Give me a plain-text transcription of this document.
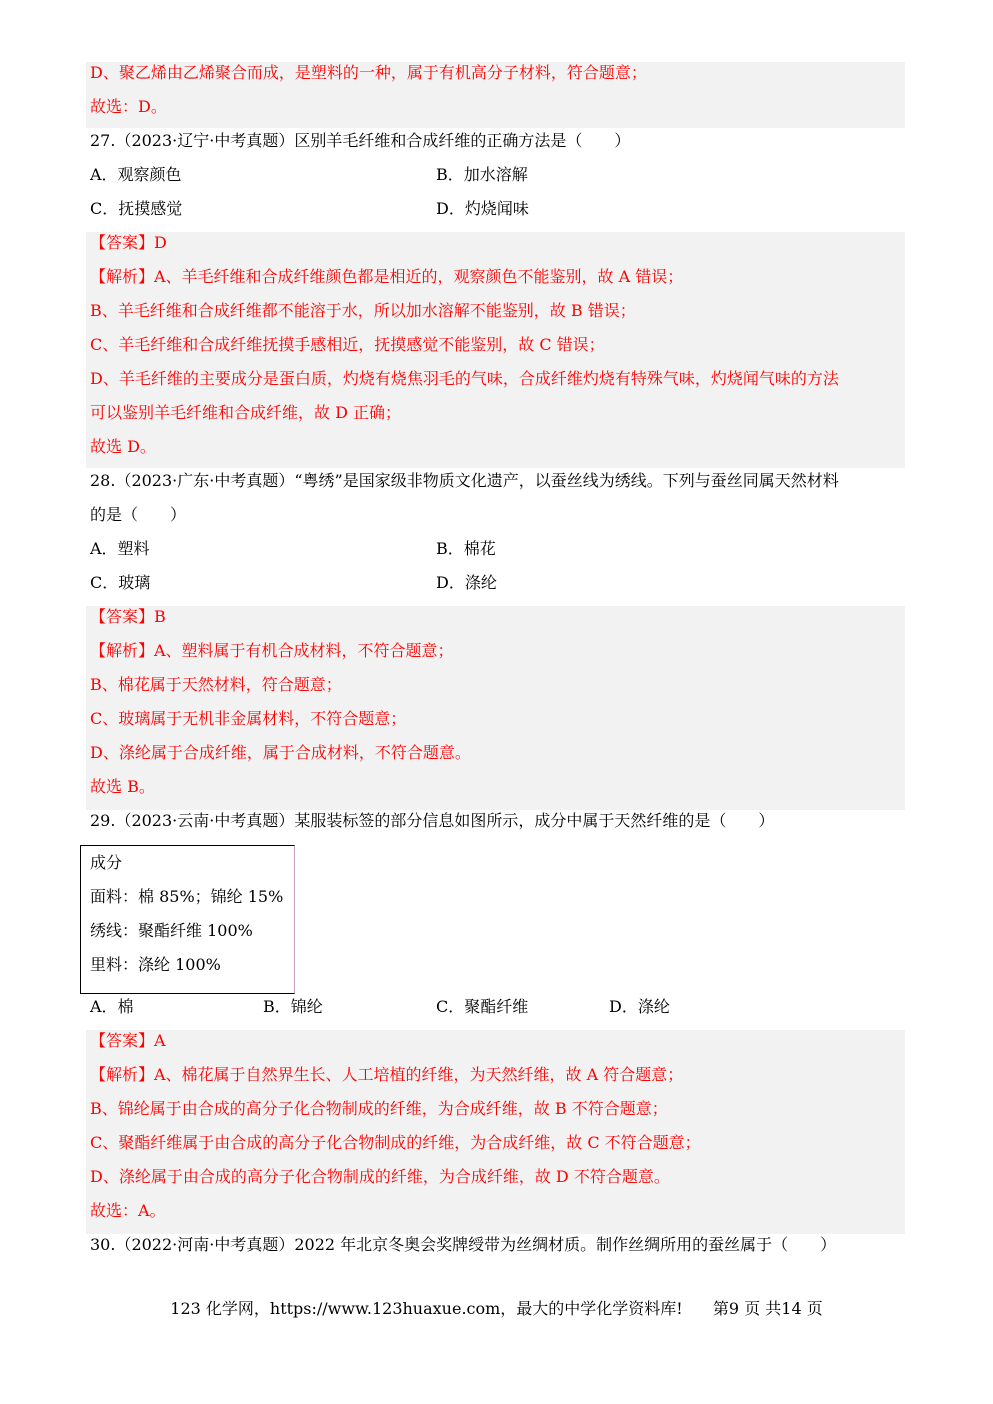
D、聚乙烯由乙烯聚合而成，是塑料的一种，属于有机高分子材料，符合题意；
故选：D。
27.（2023·辽宁·中考真题）区别羊毛纤维和合成纤维的正确方法是（　　）
A．观察颜色	B．加水溶解
C．抚摸感觉	D．灼烧闻味
【答案】D
【解析】A、羊毛纤维和合成纤维颜色都是相近的，观察颜色不能鉴别，故 A 错误；
B、羊毛纤维和合成纤维都不能溶于水，所以加水溶解不能鉴别，故 B 错误；
C、羊毛纤维和合成纤维抚摸手感相近，抚摸感觉不能鉴别，故 C 错误；
D、羊毛纤维的主要成分是蛋白质，灼烧有烧焦羽毛的气味，合成纤维灼烧有特殊气味，灼烧闻气味的方法
可以鉴别羊毛纤维和合成纤维，故 D 正确；
故选 D。
28.（2023·广东·中考真题）“粤绣”是国家级非物质文化遗产，以蚕丝线为绣线。下列与蚕丝同属天然材料
的是（　　）
A．塑料	B．棉花
C．玻璃	D．涤纶
【答案】B
【解析】A、塑料属于有机合成材料，不符合题意；
B、棉花属于天然材料，符合题意；
C、玻璃属于无机非金属材料，不符合题意；
D、涤纶属于合成纤维，属于合成材料，不符合题意。
故选 B。
29.（2023·云南·中考真题）某服装标签的部分信息如图所示，成分中属于天然纤维的是（　　）
成分
面料：棉 85%；锦纶 15%
绣线：聚酯纤维 100%
里料：涤纶 100%
A．棉	B．锦纶	C．聚酯纤维	D．涤纶
【答案】A
【解析】A、棉花属于自然界生长、人工培植的纤维，为天然纤维，故 A 符合题意；
B、锦纶属于由合成的高分子化合物制成的纤维，为合成纤维，故 B 不符合题意；
C、聚酯纤维属于由合成的高分子化合物制成的纤维，为合成纤维，故 C 不符合题意；
D、涤纶属于由合成的高分子化合物制成的纤维，为合成纤维，故 D 不符合题意。
故选：A。
30.（2022·河南·中考真题）2022 年北京冬奥会奖牌绶带为丝绸材质。制作丝绸所用的蚕丝属于（　　）
123 化学网，https://www.123huaxue.com，最大的中学化学资料库! 第9 页 共14 页
